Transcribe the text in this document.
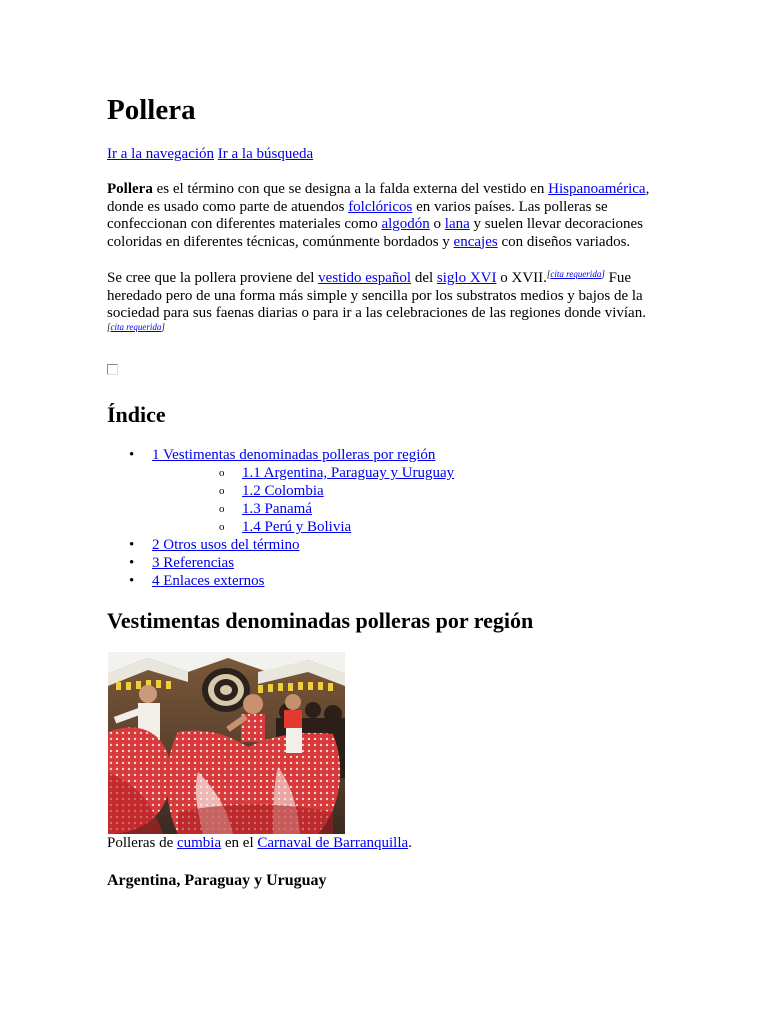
Pollera
Ir a la navegación Ir a la búsqueda

Pollera es el término con que se designa a la falda externa del vestido en Hispanoamérica, donde es usado como parte de atuendos folclóricos en varios países. Las polleras se confeccionan con diferentes materiales como algodón o lana y suelen llevar decoraciones coloridas en diferentes técnicas, comúnmente bordados y encajes con diseños variados.

Se cree que la pollera proviene del vestido español del siglo XVI o XVII.[cita requerida] Fue heredado pero de una forma más simple y sencilla por los substratos medios y bajos de la sociedad para sus faenas diarias o para ir a las celebraciones de las regiones donde vivían.[cita requerida]

Índice
• 1 Vestimentas denominadas polleras por región
o 1.1 Argentina, Paraguay y Uruguay
o 1.2 Colombia
o 1.3 Panamá
o 1.4 Perú y Bolivia
• 2 Otros usos del término
• 3 Referencias
• 4 Enlaces externos
Vestimentas denominadas polleras por región
Polleras de cumbia en el Carnaval de Barranquilla.
Argentina, Paraguay y Uruguay
